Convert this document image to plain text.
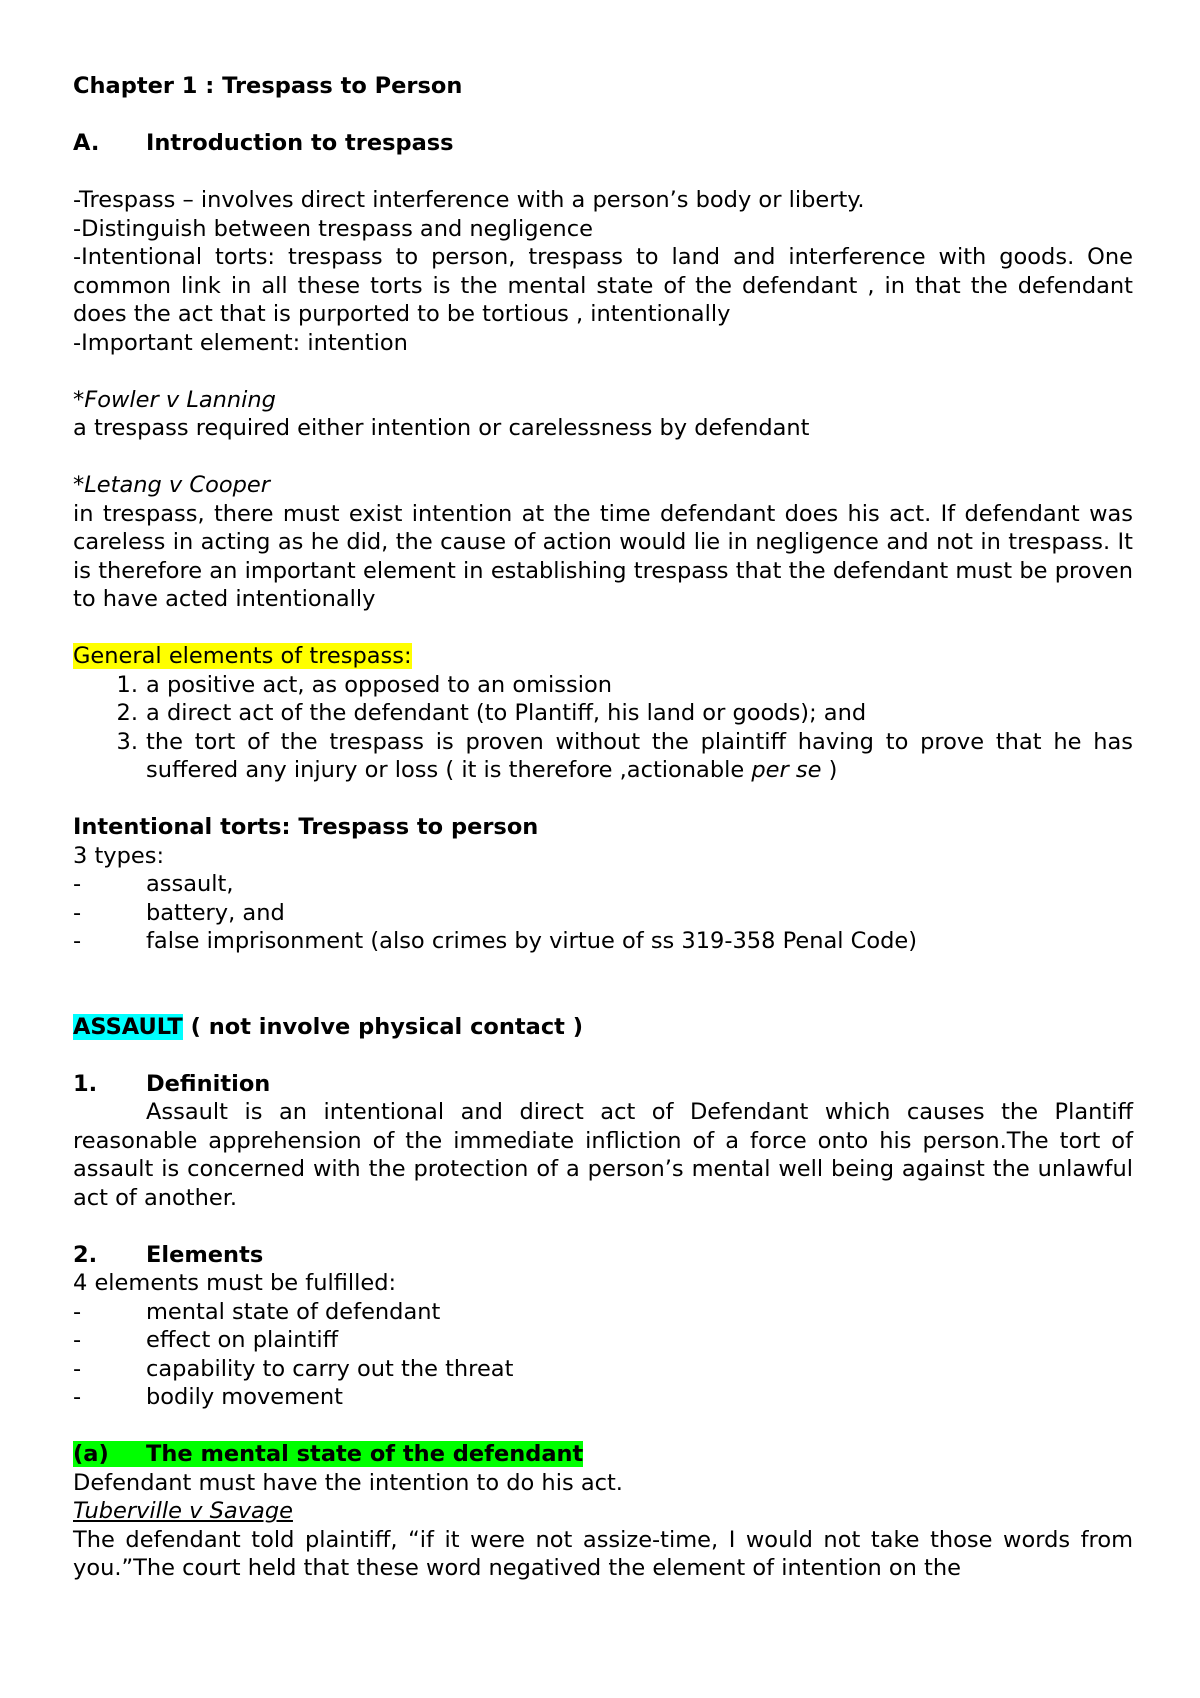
Chapter 1 : Trespass to Person

A.	Introduction to trespass

-Trespass – involves direct interference with a person’s body or liberty.

-Distinguish between trespass and negligence

-Intentional torts: trespass to person, trespass to land and interference with goods. One common link in all these torts is the mental state of the defendant , in that the defendant does the act that is purported to be tortious , intentionally

-Important element: intention

*Fowler v Lanning

a trespass required either intention or carelessness by defendant

*Letang v Cooper

in trespass, there must exist intention at the time defendant does his act. If defendant was careless in acting as he did, the cause of action would lie in negligence and not in trespass. It is therefore an important element in establishing trespass that the defendant must be proven to have acted intentionally

General elements of trespass:

1. a positive act, as opposed to an omission
2. a direct act of the defendant (to Plantiff, his land or goods); and
3. the tort of the trespass is proven without the plaintiff having to prove that he has suffered any injury or loss ( it is therefore ,actionable per se )

Intentional torts: Trespass to person

3 types:

-	assault,
-	battery, and
-	false imprisonment (also crimes by virtue of ss 319-358 Penal Code)

ASSAULT ( not involve physical contact )

1.	Definition

Assault is an intentional and direct act of Defendant which causes the Plantiff reasonable apprehension of the immediate infliction of a force onto his person.The tort of assault is concerned with the protection of a person’s mental well being against the unlawful act of another.

2.	Elements

4 elements must be fulfilled:

-	mental state of defendant
-	effect on plaintiff
-	capability to carry out the threat
-	bodily movement

(a) The mental state of the defendant

Defendant must have the intention to do his act.

Tuberville v Savage

The defendant told plaintiff, “if it were not assize-time, I would not take those words from you.”The court held that these word negatived the element of intention on the
